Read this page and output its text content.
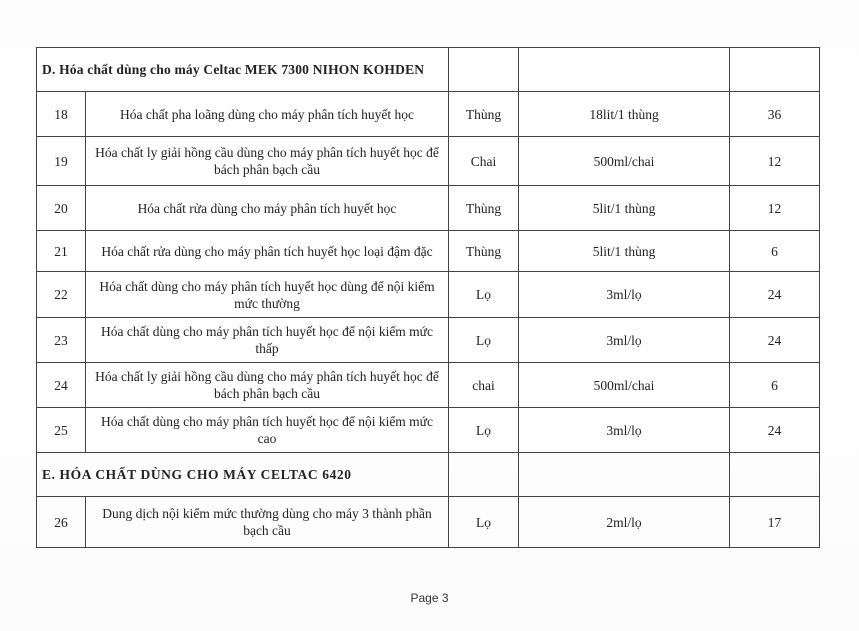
D. Hóa chất dùng cho máy Celtac MEK 7300 NIHON KOHDEN				
18	Hóa chất pha loãng dùng cho máy phân tích huyết học	Thùng	18lit/1 thùng	36
19	Hóa chất ly giải hồng cầu dùng cho máy phân tích huyết học để bách phân bạch cầu	Chai	500ml/chai	12
20	Hóa chất rửa dùng cho máy phân tích huyết học	Thùng	5lit/1 thùng	12
21	Hóa chất rửa dùng cho máy phân tích huyết học loại đậm đặc	Thùng	5lit/1 thùng	6
22	Hóa chất dùng cho máy phân tích huyết học dùng để nội kiểm mức thường	Lọ	3ml/lọ	24
23	Hóa chất dùng cho máy phân tích huyết học để nội kiểm mức thấp	Lọ	3ml/lọ	24
24	Hóa chất ly giải hồng cầu dùng cho máy phân tích huyết học để bách phân bạch cầu	chai	500ml/chai	6
25	Hóa chất dùng cho máy phân tích huyết học để nội kiểm mức cao	Lọ	3ml/lọ	24
E. HÓA CHẤT DÙNG CHO MÁY CELTAC 6420				
26	Dung dịch nội kiểm mức thường dùng cho máy 3 thành phần bạch cầu	Lọ	2ml/lọ	17
Page 3
